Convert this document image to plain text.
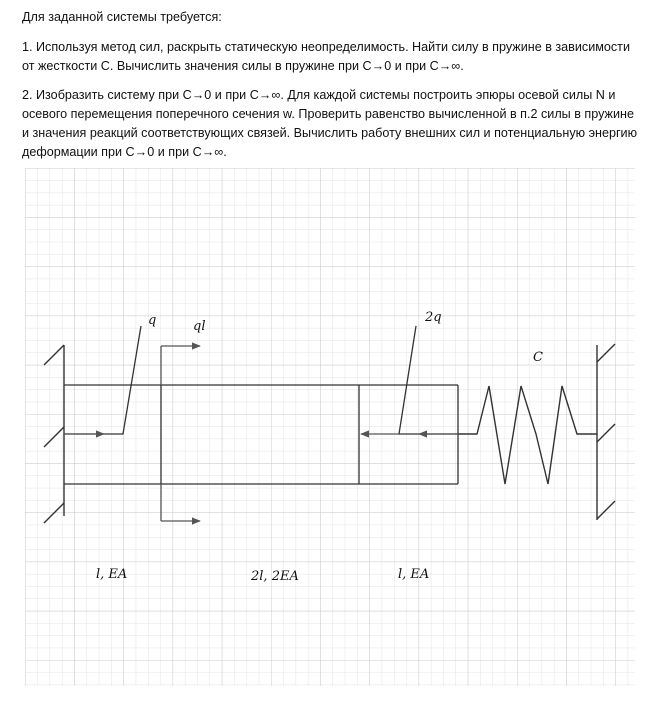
Для заданной системы требуется:
1. Используя метод сил, раскрыть статическую неопределимость. Найти силу в пружине в зависимости от жесткости С. Вычислить значения силы в пружине при С→0 и при С→∞.
2. Изобразить систему при С→0 и при С→∞. Для каждой системы построить эпюры осевой силы N и осевого перемещения поперечного сечения w. Проверить равенство вычисленной в п.2 силы в пружине и значения реакций соответствующих связей. Вычислить работу внешних сил и потенциальную энергию деформации при С→0 и при С→∞.
q	ql
2q
C
l, EA	2l, 2EA	l, EA
